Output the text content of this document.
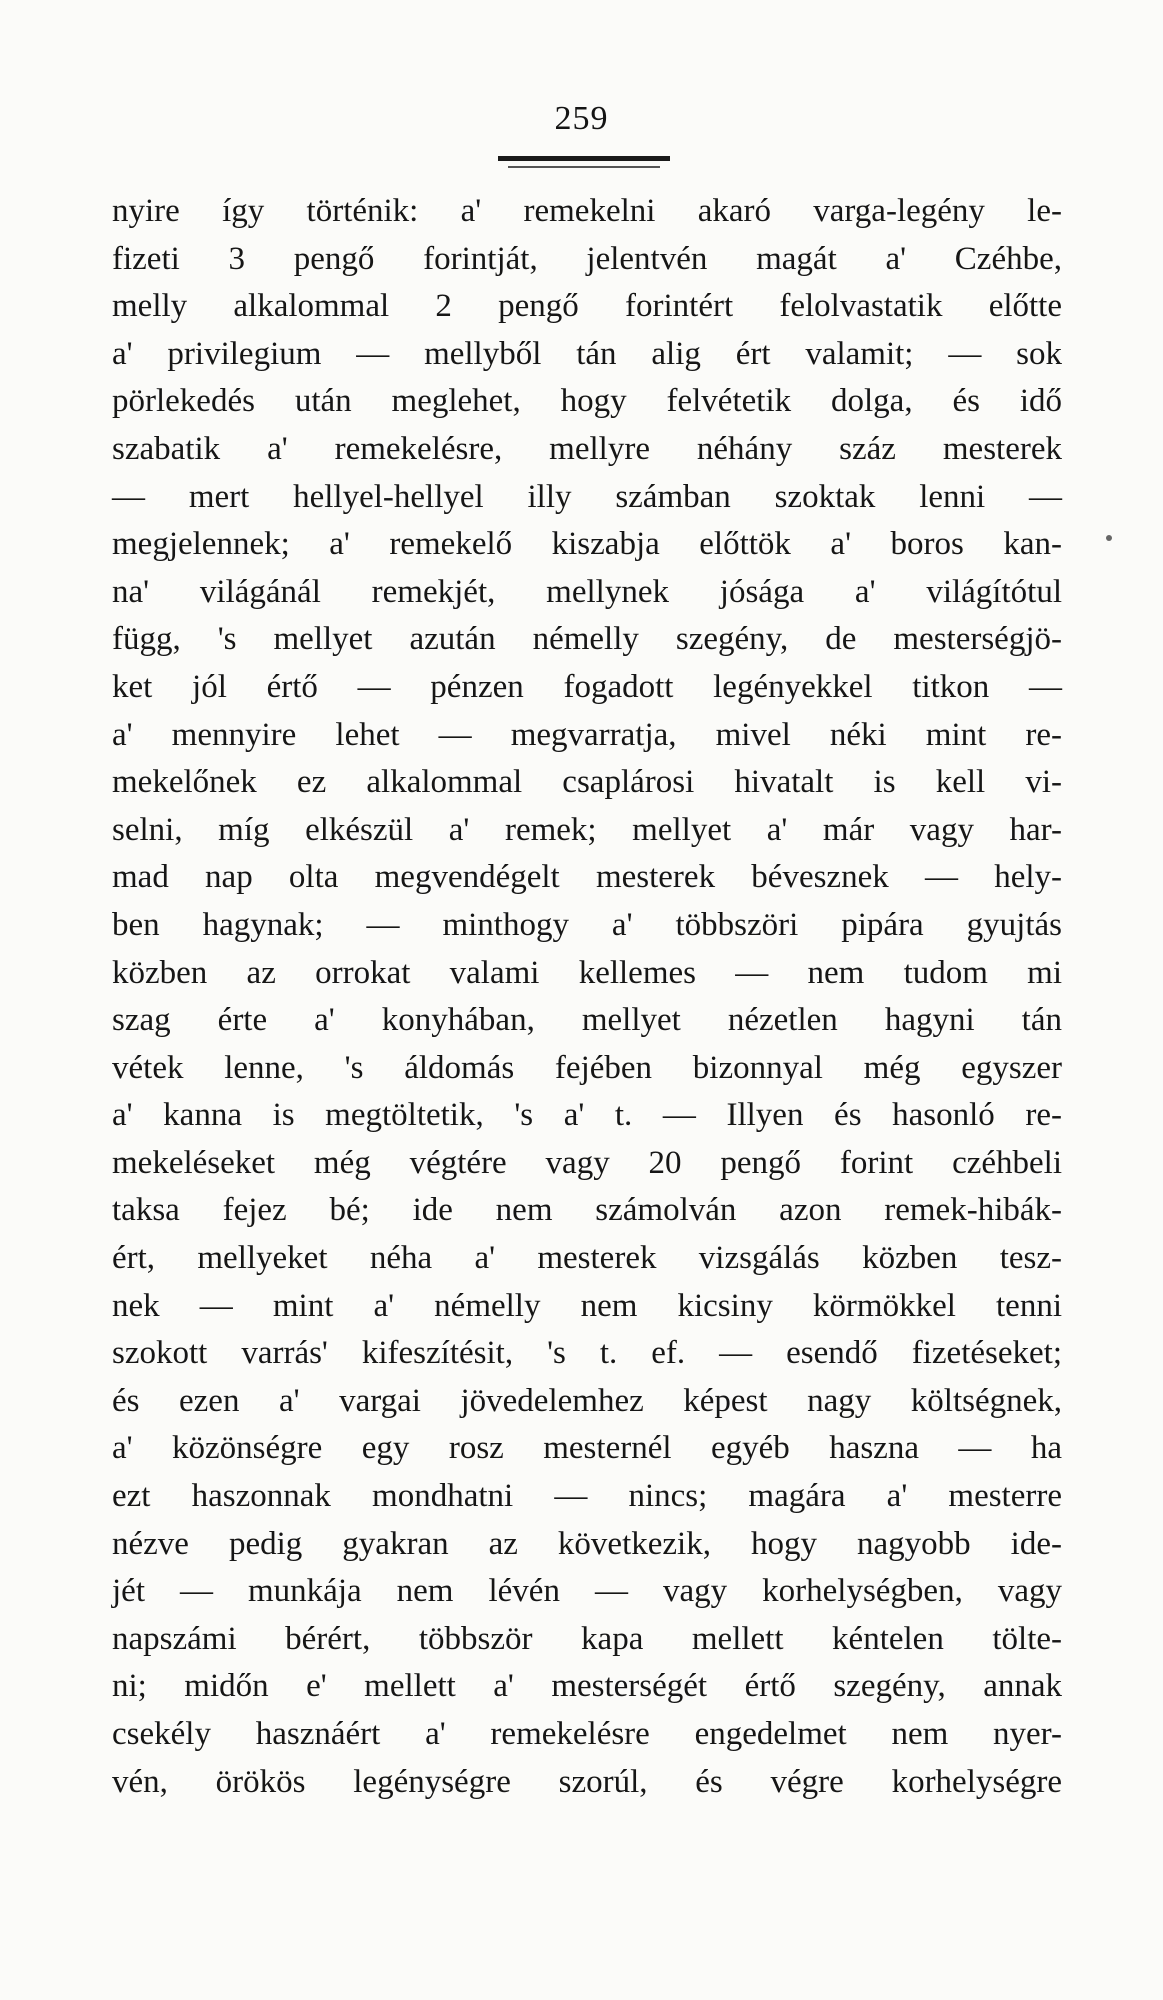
259
nyire így történik: a' remekelni akaró varga-legény le-
fizeti 3 pengő forintját, jelentvén magát a' Czéhbe,
melly alkalommal 2 pengő forintért felolvastatik előtte
a' privilegium — mellyből tán alig ért valamit; — sok
pörlekedés után meglehet, hogy felvétetik dolga, és idő
szabatik a' remekelésre, mellyre néhány száz mesterek
— mert hellyel-hellyel illy számban szoktak lenni —
megjelennek; a' remekelő kiszabja előttök a' boros kan-
na' világánál remekjét, mellynek jósága a' világítótul
függ, 's mellyet azután némelly szegény, de mesterségjö-
ket jól értő — pénzen fogadott legényekkel titkon —
a' mennyire lehet — megvarratja, mivel néki mint re-
mekelőnek ez alkalommal csaplárosi hivatalt is kell vi-
selni, míg elkészül a' remek; mellyet a' már vagy har-
mad nap olta megvendégelt mesterek bévesznek — hely-
ben hagynak; — minthogy a' többszöri pipára gyujtás
közben az orrokat valami kellemes — nem tudom mi
szag érte a' konyhában, mellyet nézetlen hagyni tán
vétek lenne, 's áldomás fejében bizonnyal még egyszer
a' kanna is megtöltetik, 's a' t. — Illyen és hasonló re-
mekeléseket még végtére vagy 20 pengő forint czéhbeli
taksa fejez bé; ide nem számolván azon remek-hibák-
ért, mellyeket néha a' mesterek vizsgálás közben tesz-
nek — mint a' némelly nem kicsiny körmökkel tenni
szokott varrás' kifeszítésit, 's t. ef. — esendő fizetéseket;
és ezen a' vargai jövedelemhez képest nagy költségnek,
a' közönségre egy rosz mesternél egyéb haszna — ha
ezt haszonnak mondhatni — nincs; magára a' mesterre
nézve pedig gyakran az következik, hogy nagyobb ide-
jét — munkája nem lévén — vagy korhelységben, vagy
napszámi bérért, többször kapa mellett kéntelen tölte-
ni; midőn e' mellett a' mesterségét értő szegény, annak
csekély hasznáért a' remekelésre engedelmet nem nyer-
vén, örökös legénységre szorúl, és végre korhelységre
